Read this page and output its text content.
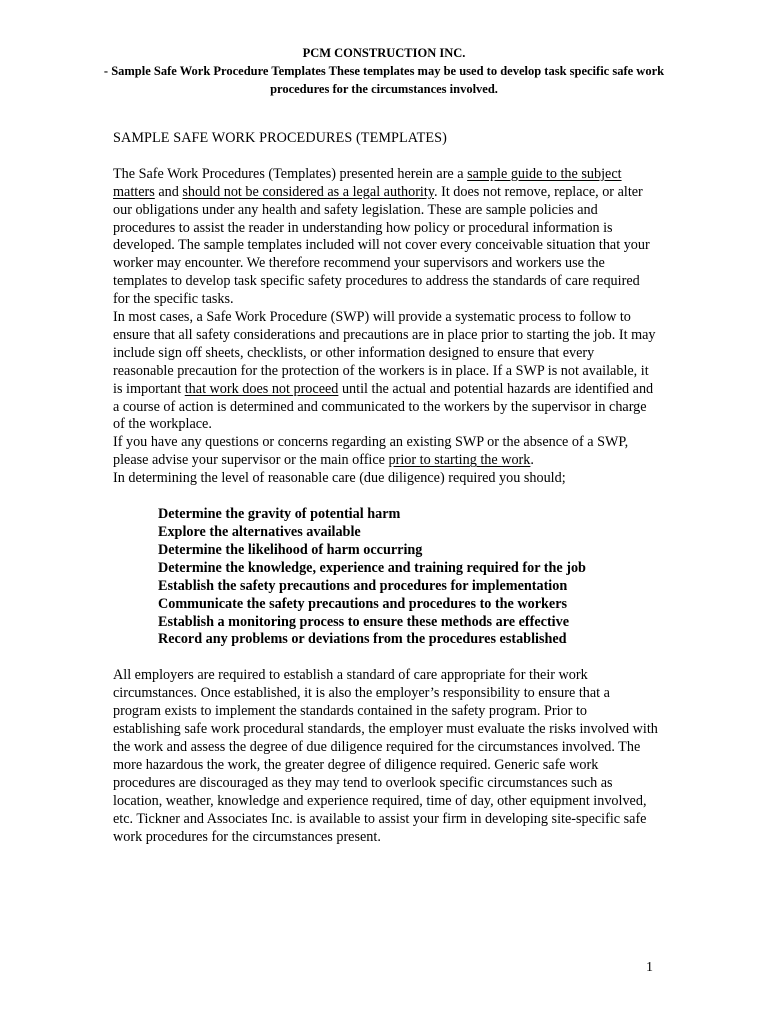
PCM CONSTRUCTION INC.
- Sample Safe Work Procedure Templates These templates may be used to develop task specific safe work procedures for the circumstances involved.
SAMPLE SAFE WORK PROCEDURES (TEMPLATES)

The Safe Work Procedures (Templates) presented herein are a sample guide to the subject matters and should not be considered as a legal authority. It does not remove, replace, or alter our obligations under any health and safety legislation. These are sample policies and procedures to assist the reader in understanding how policy or procedural information is developed. The sample templates included will not cover every conceivable situation that your worker may encounter. We therefore recommend your supervisors and workers use the templates to develop task specific safety procedures to address the standards of care required for the specific tasks.

In most cases, a Safe Work Procedure (SWP) will provide a systematic process to follow to ensure that all safety considerations and precautions are in place prior to starting the job. It may include sign off sheets, checklists, or other information designed to ensure that every reasonable precaution for the protection of the workers is in place. If a SWP is not available, it is important that work does not proceed until the actual and potential hazards are identified and a course of action is determined and communicated to the workers by the supervisor in charge of the workplace.

If you have any questions or concerns regarding an existing SWP or the absence of a SWP, please advise your supervisor or the main office prior to starting the work.

In determining the level of reasonable care (due diligence) required you should;

Determine the gravity of potential harm
Explore the alternatives available
Determine the likelihood of harm occurring
Determine the knowledge, experience and training required for the job
Establish the safety precautions and procedures for implementation
Communicate the safety precautions and procedures to the workers
Establish a monitoring process to ensure these methods are effective
Record any problems or deviations from the procedures established

All employers are required to establish a standard of care appropriate for their work circumstances. Once established, it is also the employer’s responsibility to ensure that a program exists to implement the standards contained in the safety program. Prior to establishing safe work procedural standards, the employer must evaluate the risks involved with the work and assess the degree of due diligence required for the circumstances involved. The more hazardous the work, the greater degree of diligence required. Generic safe work procedures are discouraged as they may tend to overlook specific circumstances such as location, weather, knowledge and experience required, time of day, other equipment involved, etc. Tickner and Associates Inc. is available to assist your firm in developing site-specific safe work procedures for the circumstances present.

1
